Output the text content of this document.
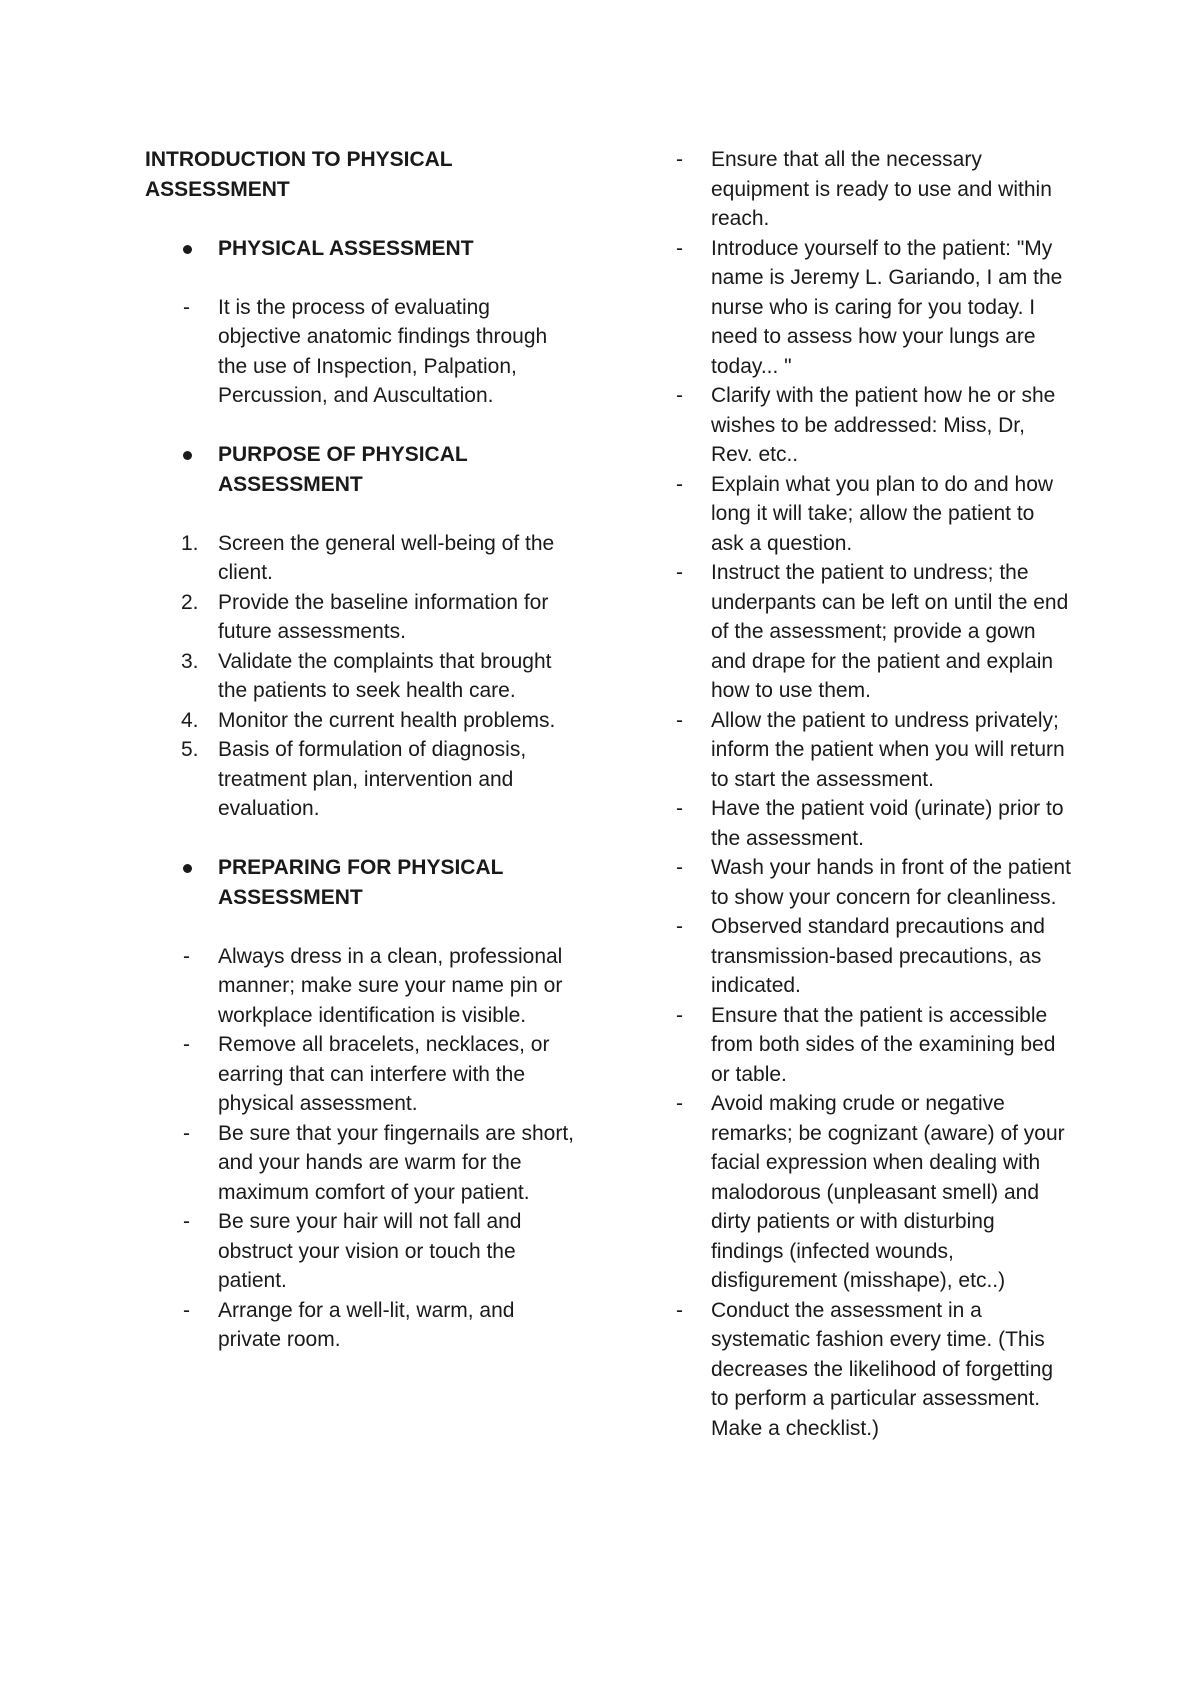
INTRODUCTION TO PHYSICAL ASSESSMENT

PHYSICAL ASSESSMENT
- It is the process of evaluating objective anatomic findings through the use of Inspection, Palpation, Percussion, and Auscultation.
PURPOSE OF PHYSICAL ASSESSMENT
1. Screen the general well-being of the client.
2. Provide the baseline information for future assessments.
3. Validate the complaints that brought the patients to seek health care.
4. Monitor the current health problems.
5. Basis of formulation of diagnosis, treatment plan, intervention and evaluation.
PREPARING FOR PHYSICAL ASSESSMENT
- Always dress in a clean, professional manner; make sure your name pin or workplace identification is visible.
- Remove all bracelets, necklaces, or earring that can interfere with the physical assessment.
- Be sure that your fingernails are short, and your hands are warm for the maximum comfort of your patient.
- Be sure your hair will not fall and obstruct your vision or touch the patient.
- Arrange for a well-lit, warm, and private room.
- Ensure that all the necessary equipment is ready to use and within reach.
- Introduce yourself to the patient: "My name is Jeremy L. Gariando, I am the nurse who is caring for you today. I need to assess how your lungs are today... "
- Clarify with the patient how he or she wishes to be addressed: Miss, Dr, Rev. etc..
- Explain what you plan to do and how long it will take; allow the patient to ask a question.
- Instruct the patient to undress; the underpants can be left on until the end of the assessment; provide a gown and drape for the patient and explain how to use them.
- Allow the patient to undress privately; inform the patient when you will return to start the assessment.
- Have the patient void (urinate) prior to the assessment.
- Wash your hands in front of the patient to show your concern for cleanliness.
- Observed standard precautions and transmission-based precautions, as indicated.
- Ensure that the patient is accessible from both sides of the examining bed or table.
- Avoid making crude or negative remarks; be cognizant (aware) of your facial expression when dealing with malodorous (unpleasant smell) and dirty patients or with disturbing findings (infected wounds, disfigurement (misshape), etc..)
- Conduct the assessment in a systematic fashion every time. (This decreases the likelihood of forgetting to perform a particular assessment. Make a checklist.)
